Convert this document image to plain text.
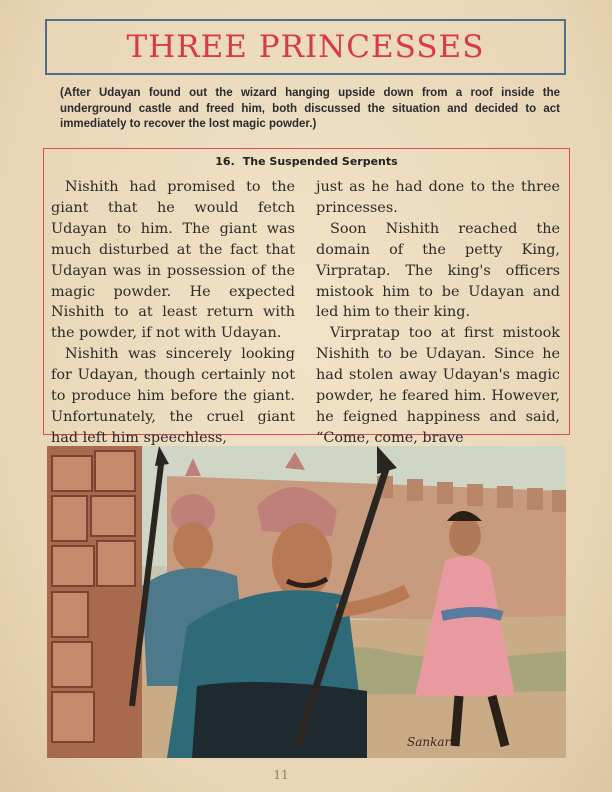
THREE PRINCESSES
(After Udayan found out the wizard hanging upside down from a roof inside the underground castle and freed him, both discussed the situation and decided to act immediately to recover the lost magic powder.)
16. The Suspended Serpents

Nishith had promised to the giant that he would fetch Udayan to him. The giant was much disturbed at the fact that Udayan was in possession of the magic powder. He expected Nishith to at least return with the powder, if not with Udayan.

Nishith was sincerely looking for Udayan, though certainly not to produce him before the giant. Unfortunately, the cruel giant had left him speechless,

just as he had done to the three princesses.

Soon Nishith reached the domain of the petty King, Virpratap. The king's officers mistook him to be Udayan and led him to their king.

Virpratap too at first mistook Nishith to be Udayan. Since he had stolen away Udayan's magic powder, he feared him. However, he feigned happiness and said, “Come, come, brave

Sankar
11
